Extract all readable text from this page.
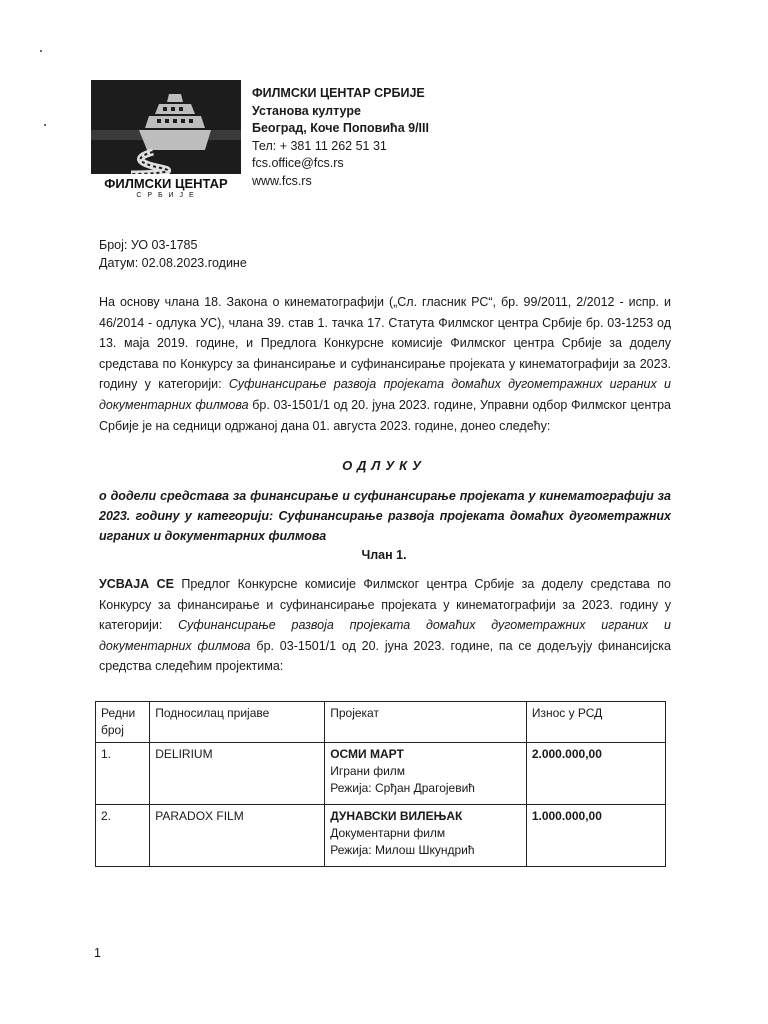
ФИЛМСКИ ЦЕНТАР
С Р Б И Ј Е
ФИЛМСКИ ЦЕНТАР СРБИЈЕ
Установа културе
Београд, Коче Поповића 9/III
Тел: + 381 11 262 51 31
fcs.office@fcs.rs
www.fcs.rs
Број: УО 03-1785
Датум: 02.08.2023.године
На основу члана 18. Закона о кинематографији („Сл. гласник РС“, бр. 99/2011, 2/2012 - испр. и 46/2014 - одлука УС), члана 39. став 1. тачка 17. Статута Филмског центра Србије бр. 03-1253 од 13. маја 2019. године, и Предлога Конкурсне комисије Филмског центра Србије за доделу средстава по Конкурсу за финансирање и суфинансирање пројеката у кинематографији за 2023. годину у категорији: Суфинансирање развоја пројеката домаћих дугометражних играних и документарних филмова бр. 03-1501/1 од 20. јуна 2023. године, Управни одбор Филмског центра Србије је на седници одржаној дана 01. августа 2023. године, донео следећу:
ОДЛУКУ
о додели средстава за финансирање и суфинансирање пројеката у кинематографији за 2023. годину у категорији: Суфинансирање развоја пројеката домаћих дугометражних играних и документарних филмова
Члан 1.
УСВАЈА СЕ Предлог Конкурсне комисије Филмског центра Србије за доделу средстава по Конкурсу за финансирање и суфинансирање пројеката у кинематографији за 2023. годину у категорији: Суфинансирање развоја пројеката домаћих дугометражних играних и документарних филмова бр. 03-1501/1 од 20. јуна 2023. године, па се додељују финансијска средства следећим пројектима:
Редни број	Подносилац пријаве	Пројекат	Износ у РСД
1.	DELIRIUM	ОСМИ МАРТ
Играни филм
Режија: Срђан Драгојевић	2.000.000,00
2.	PARADOX FILM	ДУНАВСКИ ВИЛЕЊАК
Документарни филм
Режија: Милош Шкундрић	1.000.000,00
1
